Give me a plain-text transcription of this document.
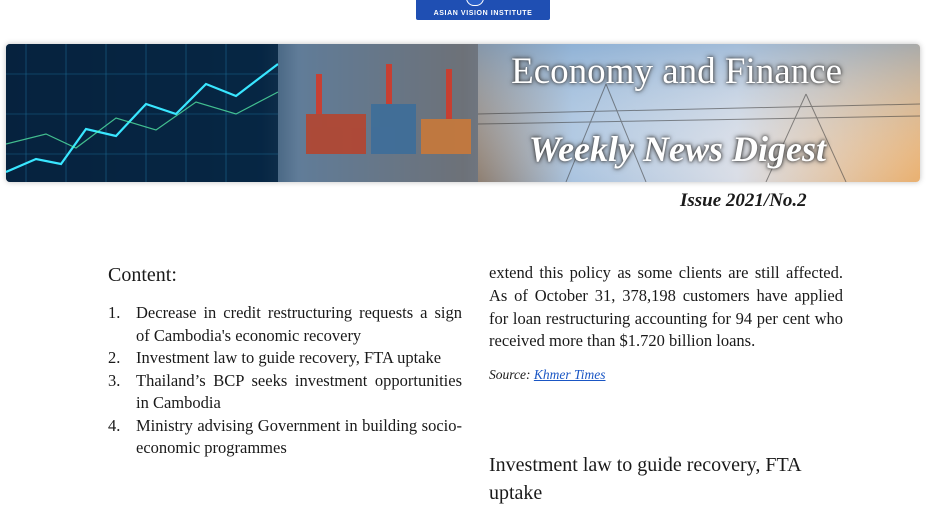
ASIAN VISION INSTITUTE
Economy and Finance
Weekly News Digest
Issue 2021/No.2
Content:
1. Decrease in credit restructuring requests a sign of Cambodia's economic recovery
2. Investment law to guide recovery, FTA uptake
3. Thailand’s BCP seeks investment opportunities in Cambodia
4. Ministry advising Government in building socio-economic programmes

extend this policy as some clients are still affected. As of October 31, 378,198 customers have applied for loan restructuring accounting for 94 per cent who received more than $1.720 billion loans.

Source: Khmer Times
Investment law to guide recovery, FTA uptake
